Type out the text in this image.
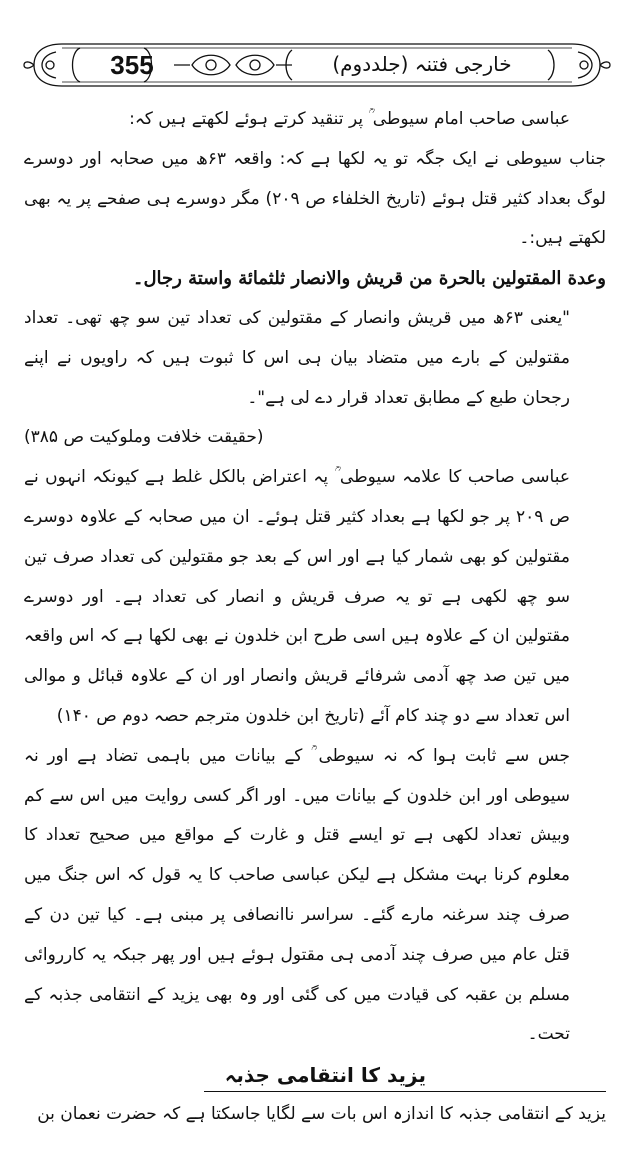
355	خارجی فتنہ (جلددوم)

عباسی صاحب امام سیوطی ؒ پر تنقید کرتے ہوئے لکھتے ہیں کہ:

جناب سیوطی نے ایک جگہ تو یہ لکھا ہے کہ: واقعہ ۶۳ھ میں صحابہ اور دوسرے لوگ بعداد کثیر قتل ہوئے (تاریخ الخلفاء ص ۲۰۹) مگر دوسرے ہی صفحے پر یہ بھی لکھتے ہیں:۔

وعدة المقتولين بالحرة من قريش والانصار ثلثمائة واستة رجال۔

"یعنی ۶۳ھ میں قریش وانصار کے مقتولین کی تعداد تین سو چھ تھی۔ تعداد مقتولین کے بارے میں متضاد بیان ہی اس کا ثبوت ہیں کہ راویوں نے اپنے رجحان طبع کے مطابق تعداد قرار دے لی ہے"۔

(حقیقت خلافت وملوکیت ص ۳۸۵)

عباسی صاحب کا علامہ سیوطی ؒ پہ اعتراض بالکل غلط ہے کیونکہ انہوں نے ص ۲۰۹ پر جو لکھا ہے بعداد کثیر قتل ہوئے۔ ان میں صحابہ کے علاوہ دوسرے مقتولین کو بھی شمار کیا ہے اور اس کے بعد جو مقتولین کی تعداد صرف تین سو چھ لکھی ہے تو یہ صرف قریش و انصار کی تعداد ہے۔ اور دوسرے مقتولین ان کے علاوہ ہیں اسی طرح ابن خلدون نے بھی لکھا ہے کہ اس واقعہ میں تین صد چھ آدمی شرفائے قریش وانصار اور ان کے علاوہ قبائل و موالی اس تعداد سے دو چند کام آئے (تاریخ ابن خلدون مترجم حصہ دوم ص ۱۴۰)

جس سے ثابت ہوا کہ نہ سیوطی ؒ کے بیانات میں باہمی تضاد ہے اور نہ سیوطی اور ابن خلدون کے بیانات میں۔ اور اگر کسی روایت میں اس سے کم وبیش تعداد لکھی ہے تو ایسے قتل و غارت کے مواقع میں صحیح تعداد کا معلوم کرنا بہت مشکل ہے لیکن عباسی صاحب کا یہ قول کہ اس جنگ میں صرف چند سرغنہ مارے گئے۔ سراسر ناانصافی پر مبنی ہے۔ کیا تین دن کے قتل عام میں صرف چند آدمی ہی مقتول ہوئے ہیں اور پھر جبکہ یہ کارروائی مسلم بن عقبہ کی قیادت میں کی گئی اور وہ بھی یزید کے انتقامی جذبہ کے تحت۔

یزید کا انتقامی جذبہ

یزید کے انتقامی جذبہ کا اندازہ اس بات سے لگایا جاسکتا ہے کہ حضرت نعمان بن
